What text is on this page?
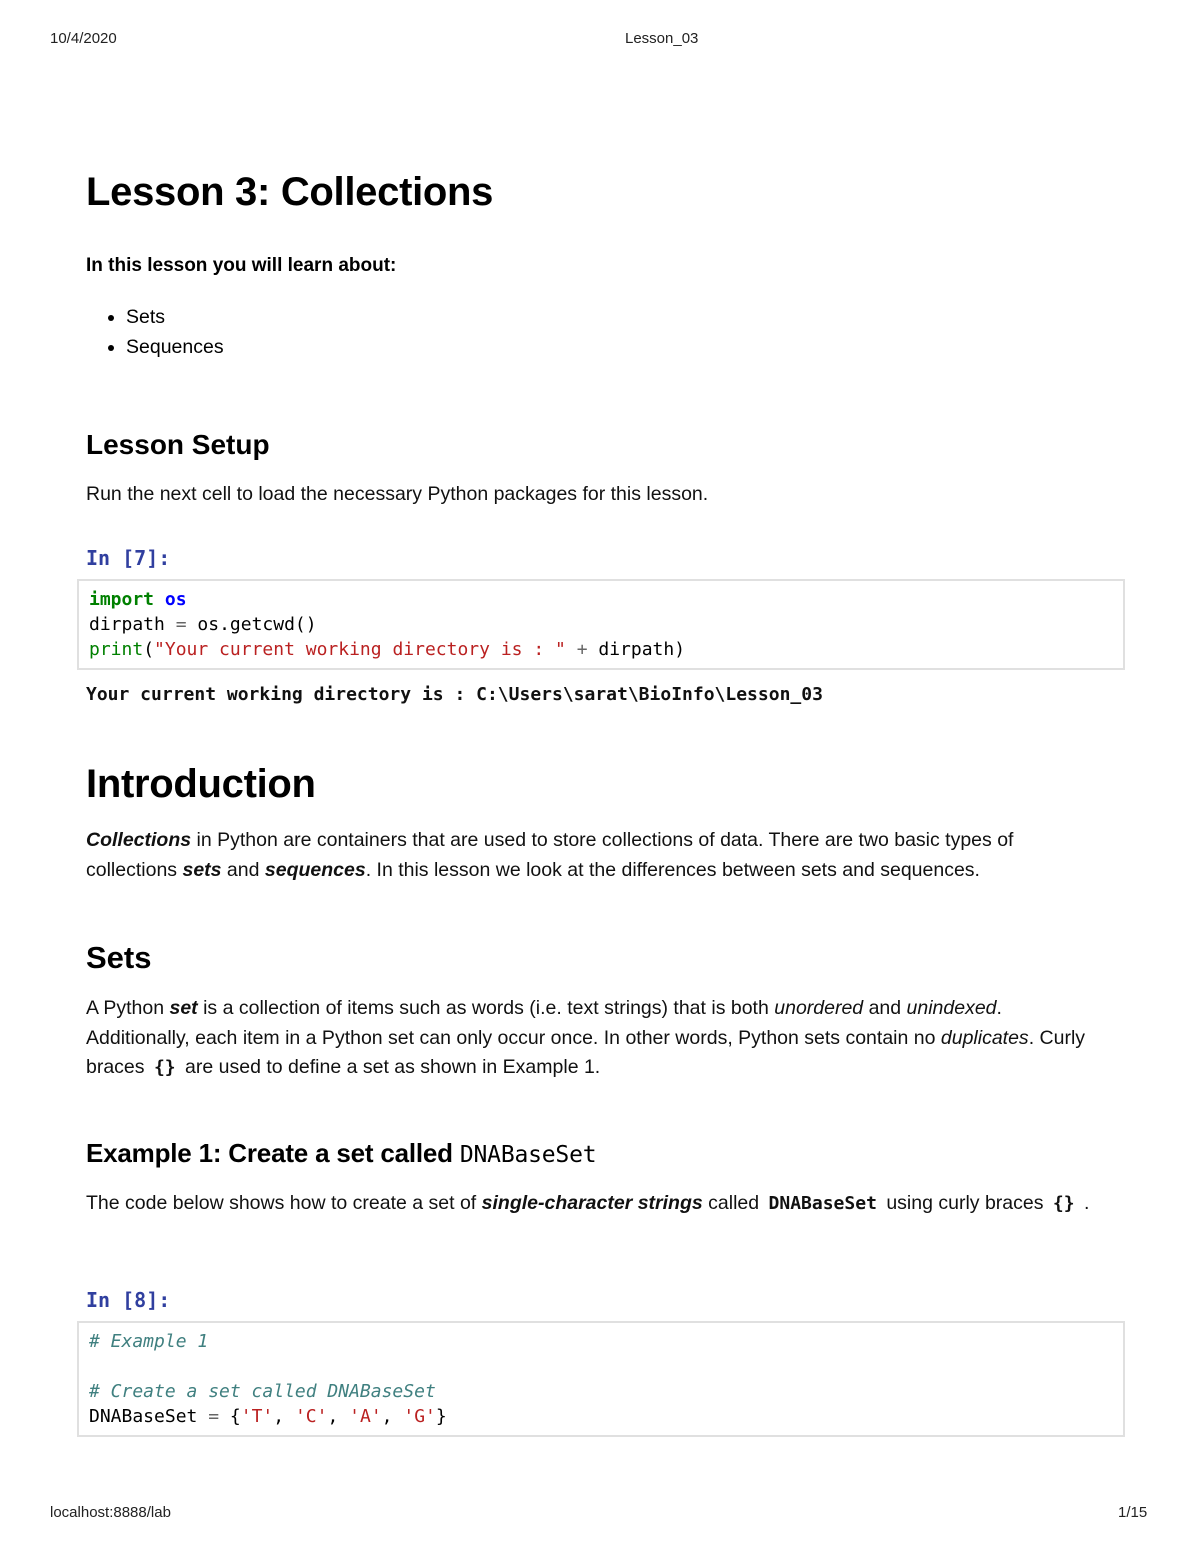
10/4/2020	Lesson_03
localhost:8888/lab	1/15
Lesson 3: Collections
In this lesson you will learn about:
• Sets
• Sequences
Lesson Setup

Run the next cell to load the necessary Python packages for this lesson.

In [7]:
import os
dirpath = os.getcwd()
print("Your current working directory is : " + dirpath)
Your current working directory is : C:\Users\sarat\BioInfo\Lesson_03
Introduction

Collections in Python are containers that are used to store collections of data. There are two basic types of collections sets and sequences. In this lesson we look at the differences between sets and sequences.

Sets

A Python set is a collection of items such as words (i.e. text strings) that is both unordered and unindexed. Additionally, each item in a Python set can only occur once. In other words, Python sets contain no duplicates. Curly braces {} are used to define a set as shown in Example 1.

Example 1: Create a set called DNABaseSet

The code below shows how to create a set of single-character strings called DNABaseSet using curly braces {} .

In [8]:
# Example 1
# Create a set called DNABaseSet
DNABaseSet = {'T', 'C', 'A', 'G'}
